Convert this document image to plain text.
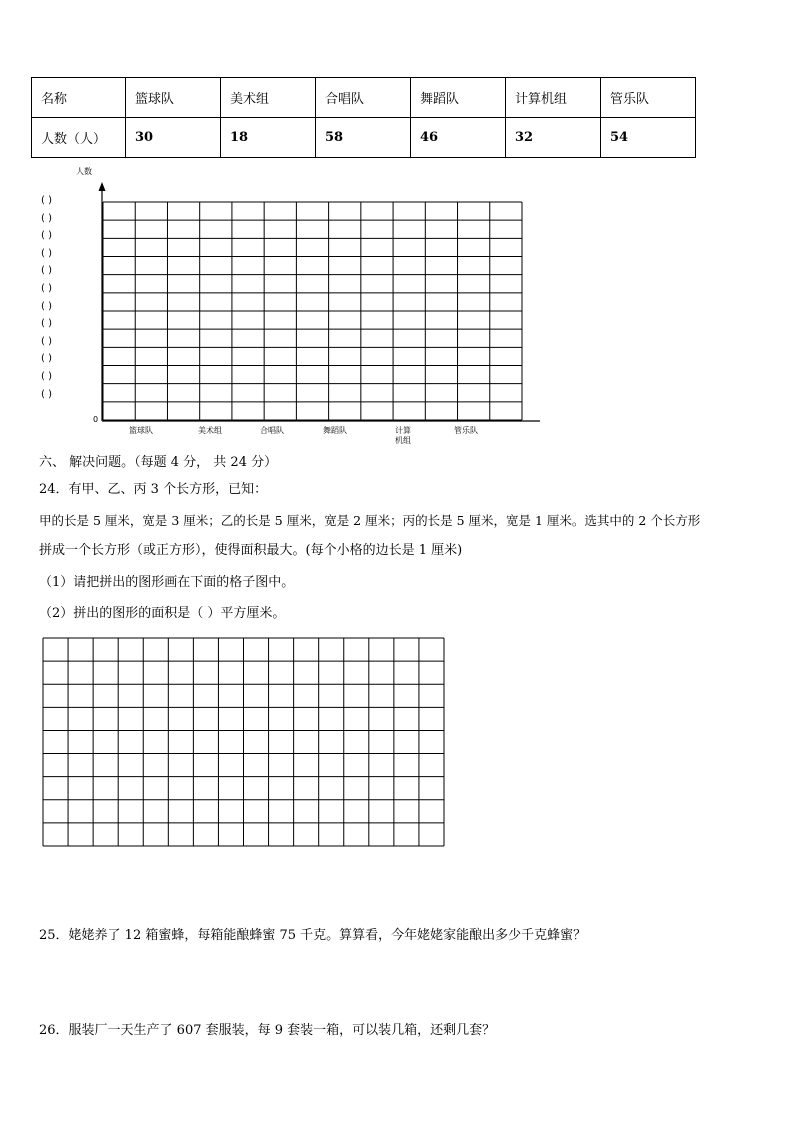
名称	篮球队	美术组	合唱队	舞蹈队	计算机组	管乐队
人数（人）	30	18	58	46	32	54
人数
0
( )
( )
( )
( )
( )
( )
( )
( )
( )
( )
( )
( )
篮球队	美术组	合唱队	舞蹈队	计算
机组
管乐队
六、 解决问题。（每题 4 分， 共 24 分）
24．有甲、乙、丙 3 个长方形，已知：
甲的长是 5 厘米，宽是 3 厘米；乙的长是 5 厘米，宽是 2 厘米；丙的长是 5 厘米，宽是 1 厘米。选其中的 2 个长方形
拼成一个长方形（或正方形），使得面积最大。(每个小格的边长是 1 厘米)
（1）请把拼出的图形画在下面的格子图中。
（2）拼出的图形的面积是（ ）平方厘米。
25．姥姥养了 12 箱蜜蜂，每箱能酿蜂蜜 75 千克。算算看，今年姥姥家能酿出多少千克蜂蜜？
26．服装厂一天生产了 607 套服装，每 9 套装一箱，可以装几箱，还剩几套？
